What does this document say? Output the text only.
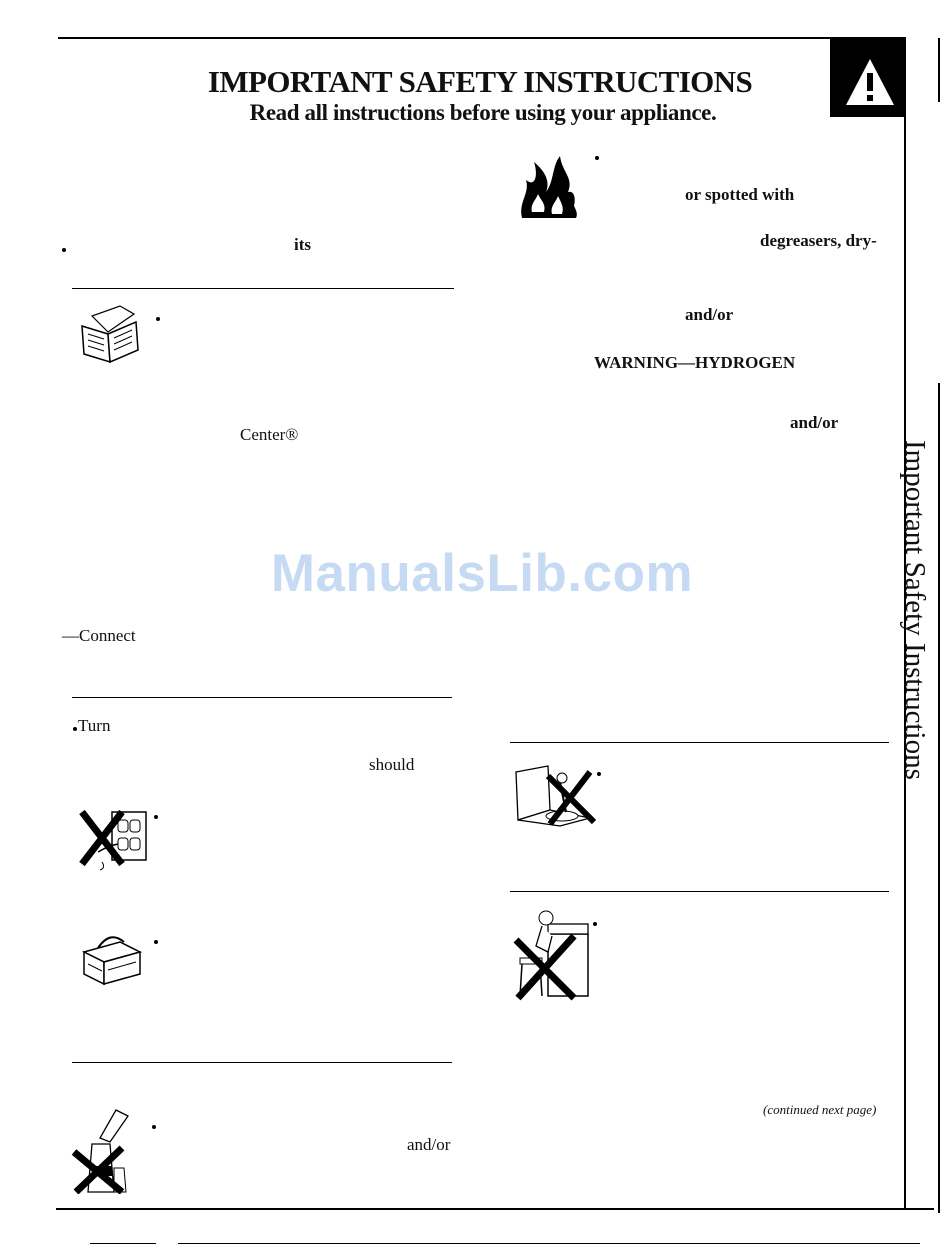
IMPORTANT SAFETY INSTRUCTIONS
Read all instructions before using your appliance.
Important Safety Instructions
its
Center®
—Connect
Turn
should
and/or
or spotted with
degreasers, dry-
and/or
WARNING—HYDROGEN
and/or
(continued next page)
ManualsLib.com
